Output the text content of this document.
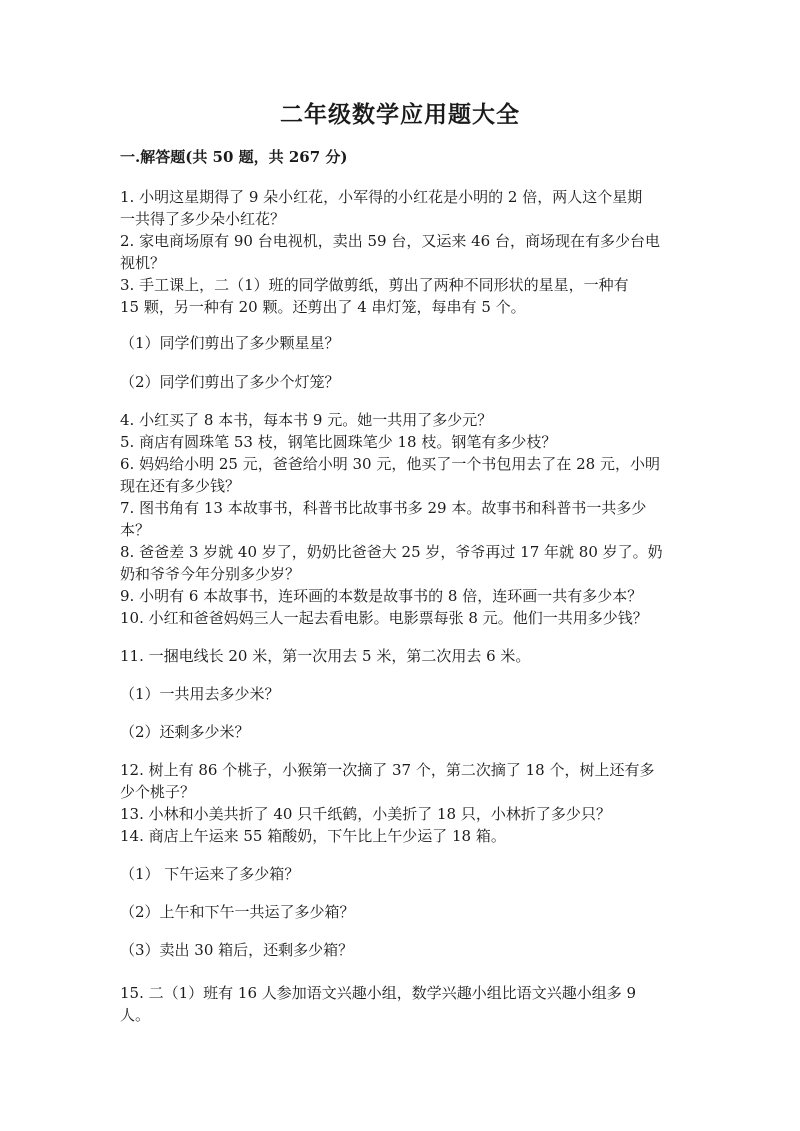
二年级数学应用题大全
一.解答题(共 50 题，共 267 分)
1. 小明这星期得了 9 朵小红花，小军得的小红花是小明的 2 倍，两人这个星期
一共得了多少朵小红花？
2. 家电商场原有 90 台电视机，卖出 59 台，又运来 46 台，商场现在有多少台电
视机？
3. 手工课上，二（1）班的同学做剪纸，剪出了两种不同形状的星星，一种有
15 颗，另一种有 20 颗。还剪出了 4 串灯笼，每串有 5 个。
（1）同学们剪出了多少颗星星？
（2）同学们剪出了多少个灯笼？
4. 小红买了 8 本书，每本书 9 元。她一共用了多少元？
5. 商店有圆珠笔 53 枝，钢笔比圆珠笔少 18 枝。钢笔有多少枝？
6. 妈妈给小明 25 元，爸爸给小明 30 元，他买了一个书包用去了在 28 元，小明
现在还有多少钱？
7. 图书角有 13 本故事书，科普书比故事书多 29 本。故事书和科普书一共多少
本？
8. 爸爸差 3 岁就 40 岁了，奶奶比爸爸大 25 岁，爷爷再过 17 年就 80 岁了。奶
奶和爷爷今年分别多少岁？
9. 小明有 6 本故事书，连环画的本数是故事书的 8 倍，连环画一共有多少本？
10. 小红和爸爸妈妈三人一起去看电影。电影票每张 8 元。他们一共用多少钱？
11. 一捆电线长 20 米，第一次用去 5 米，第二次用去 6 米。
（1）一共用去多少米？
（2）还剩多少米？
12. 树上有 86 个桃子，小猴第一次摘了 37 个，第二次摘了 18 个，树上还有多
少个桃子？
13. 小林和小美共折了 40 只千纸鹤，小美折了 18 只，小林折了多少只？
14. 商店上午运来 55 箱酸奶，下午比上午少运了 18 箱。
（1） 下午运来了多少箱？
（2）上午和下午一共运了多少箱？
（3）卖出 30 箱后，还剩多少箱？
15. 二（1）班有 16 人参加语文兴趣小组，数学兴趣小组比语文兴趣小组多 9
人。
